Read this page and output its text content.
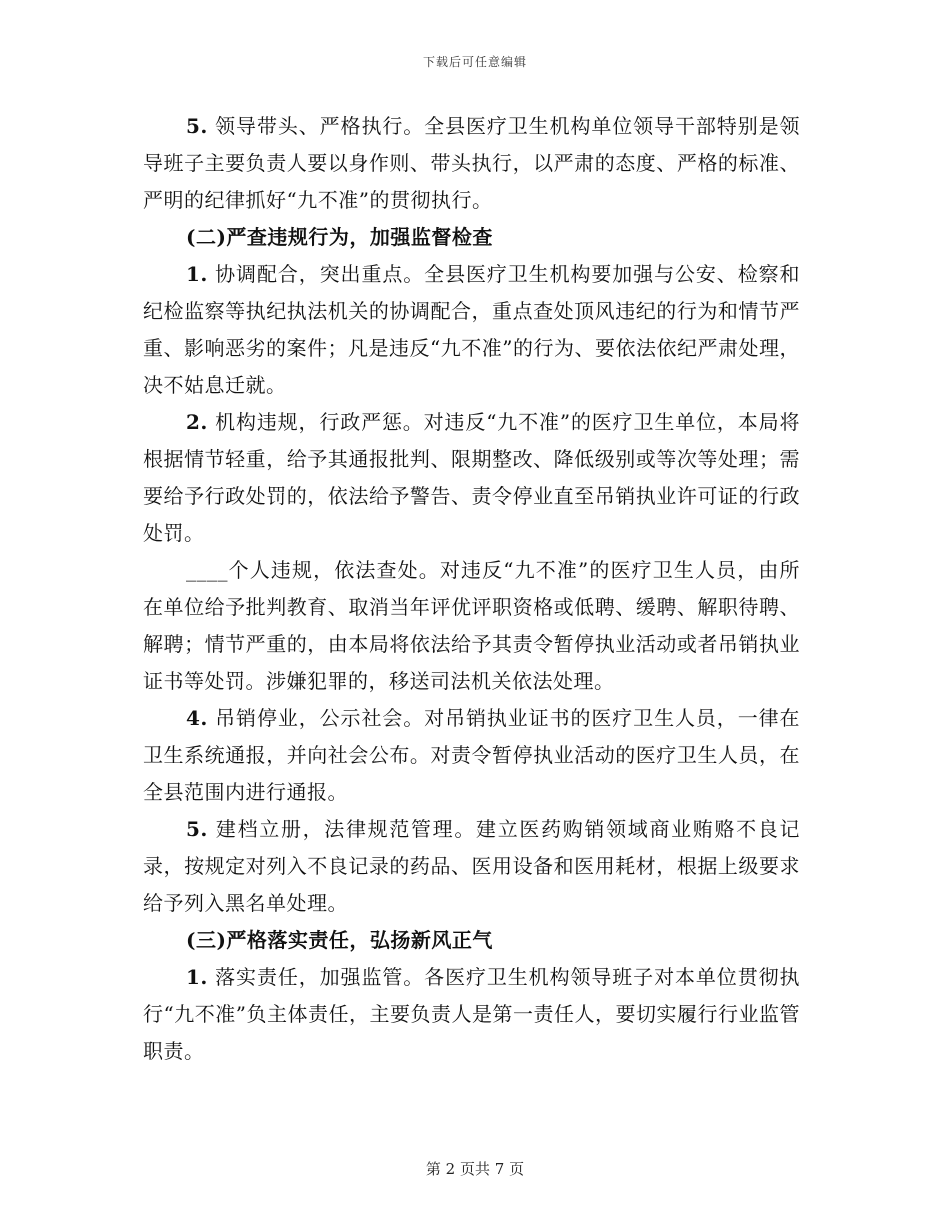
下载后可任意编辑

5. 领导带头、严格执行。全县医疗卫生机构单位领导干部特别是领导班子主要负责人要以身作则、带头执行，以严肃的态度、严格的标准、严明的纪律抓好“九不准”的贯彻执行。

(二)严查违规行为，加强监督检查

1. 协调配合，突出重点。全县医疗卫生机构要加强与公安、检察和纪检监察等执纪执法机关的协调配合，重点查处顶风违纪的行为和情节严重、影响恶劣的案件；凡是违反“九不准”的行为、要依法依纪严肃处理，决不姑息迁就。

2. 机构违规，行政严惩。对违反“九不准”的医疗卫生单位，本局将根据情节轻重，给予其通报批判、限期整改、降低级别或等次等处理；需要给予行政处罚的，依法给予警告、责令停业直至吊销执业许可证的行政处罚。

____个人违规，依法查处。对违反“九不准”的医疗卫生人员，由所在单位给予批判教育、取消当年评优评职资格或低聘、缓聘、解职待聘、解聘；情节严重的，由本局将依法给予其责令暂停执业活动或者吊销执业证书等处罚。涉嫌犯罪的，移送司法机关依法处理。

4. 吊销停业，公示社会。对吊销执业证书的医疗卫生人员，一律在卫生系统通报，并向社会公布。对责令暂停执业活动的医疗卫生人员，在全县范围内进行通报。

5. 建档立册，法律规范管理。建立医药购销领域商业贿赂不良记录，按规定对列入不良记录的药品、医用设备和医用耗材，根据上级要求给予列入黑名单处理。

(三)严格落实责任，弘扬新风正气

1. 落实责任，加强监管。各医疗卫生机构领导班子对本单位贯彻执行“九不准”负主体责任，主要负责人是第一责任人，要切实履行行业监管职责。

第 2 页共 7 页
